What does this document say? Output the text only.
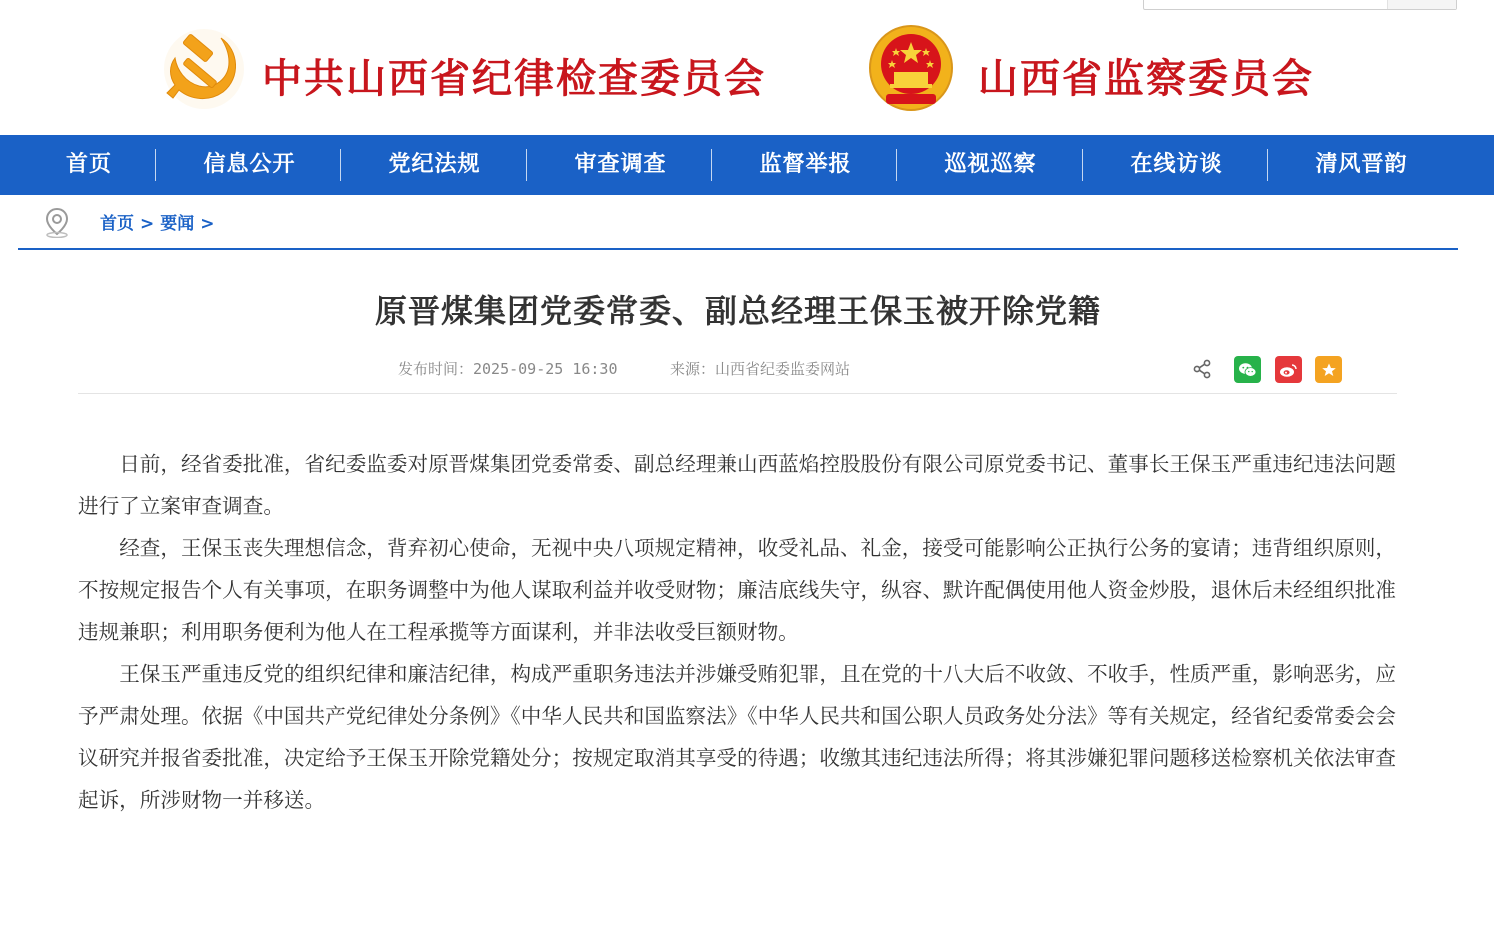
中共山西省纪律检查委员会	山西省监察委员会
首页	信息公开	党纪法规	审查调查	监督举报	巡视巡察	在线访谈	清风晋韵
首页 > 要闻 >
原晋煤集团党委常委、副总经理王保玉被开除党籍
发布时间：2025-09-25 16:30	来源：山西省纪委监委网站

日前，经省委批准，省纪委监委对原晋煤集团党委常委、副总经理兼山西蓝焰控股股份有限公司原党委书记、董事长王保玉严重违纪违法问题进行了立案审查调查。

经查，王保玉丧失理想信念，背弃初心使命，无视中央八项规定精神，收受礼品、礼金，接受可能影响公正执行公务的宴请；违背组织原则，不按规定报告个人有关事项，在职务调整中为他人谋取利益并收受财物；廉洁底线失守，纵容、默许配偶使用他人资金炒股，退休后未经组织批准违规兼职；利用职务便利为他人在工程承揽等方面谋利，并非法收受巨额财物。

王保玉严重违反党的组织纪律和廉洁纪律，构成严重职务违法并涉嫌受贿犯罪，且在党的十八大后不收敛、不收手，性质严重，影响恶劣，应予严肃处理。依据《中国共产党纪律处分条例》《中华人民共和国监察法》《中华人民共和国公职人员政务处分法》等有关规定，经省纪委常委会会议研究并报省委批准，决定给予王保玉开除党籍处分；按规定取消其享受的待遇；收缴其违纪违法所得；将其涉嫌犯罪问题移送检察机关依法审查起诉，所涉财物一并移送。
